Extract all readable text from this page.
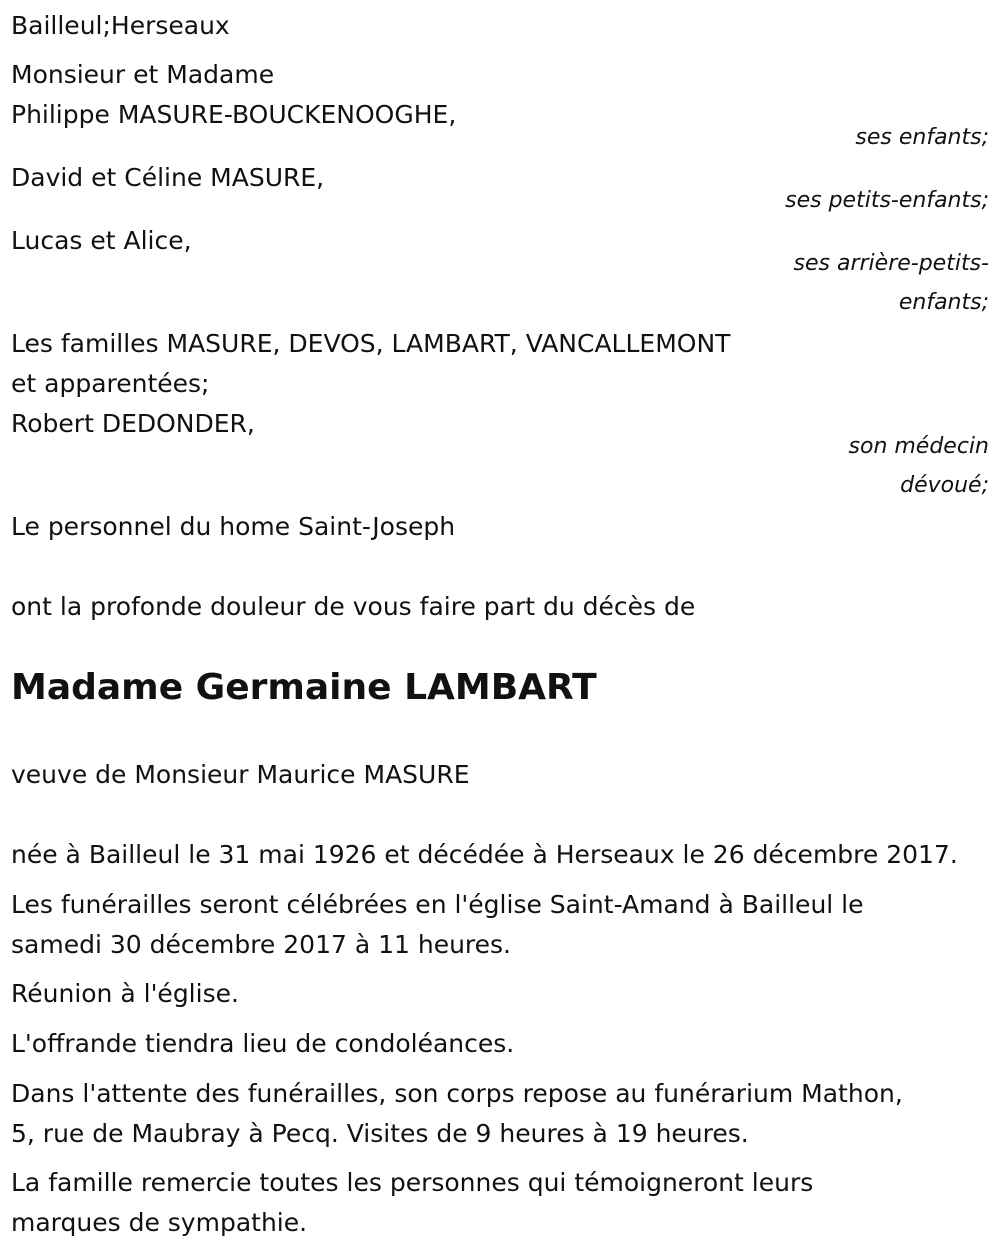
Bailleul;Herseaux
Monsieur et Madame
Philippe MASURE-BOUCKENOOGHE,
ses enfants;
David et Céline MASURE,
ses petits-enfants;
Lucas et Alice,
ses arrière-petits-
enfants;
Les familles MASURE, DEVOS, LAMBART, VANCALLEMONT
et apparentées;
Robert DEDONDER,
son médecin
dévoué;
Le personnel du home Saint-Joseph
ont la profonde douleur de vous faire part du décès de
Madame Germaine LAMBART
veuve de Monsieur Maurice MASURE
née à Bailleul le 31 mai 1926 et décédée à Herseaux le 26 décembre 2017.
Les funérailles seront célébrées en l'église Saint-Amand à Bailleul le
samedi 30 décembre 2017 à 11 heures.
Réunion à l'église.
L'offrande tiendra lieu de condoléances.
Dans l'attente des funérailles, son corps repose au funérarium Mathon,
5, rue de Maubray à Pecq. Visites de 9 heures à 19 heures.
La famille remercie toutes les personnes qui témoigneront leurs
marques de sympathie.
